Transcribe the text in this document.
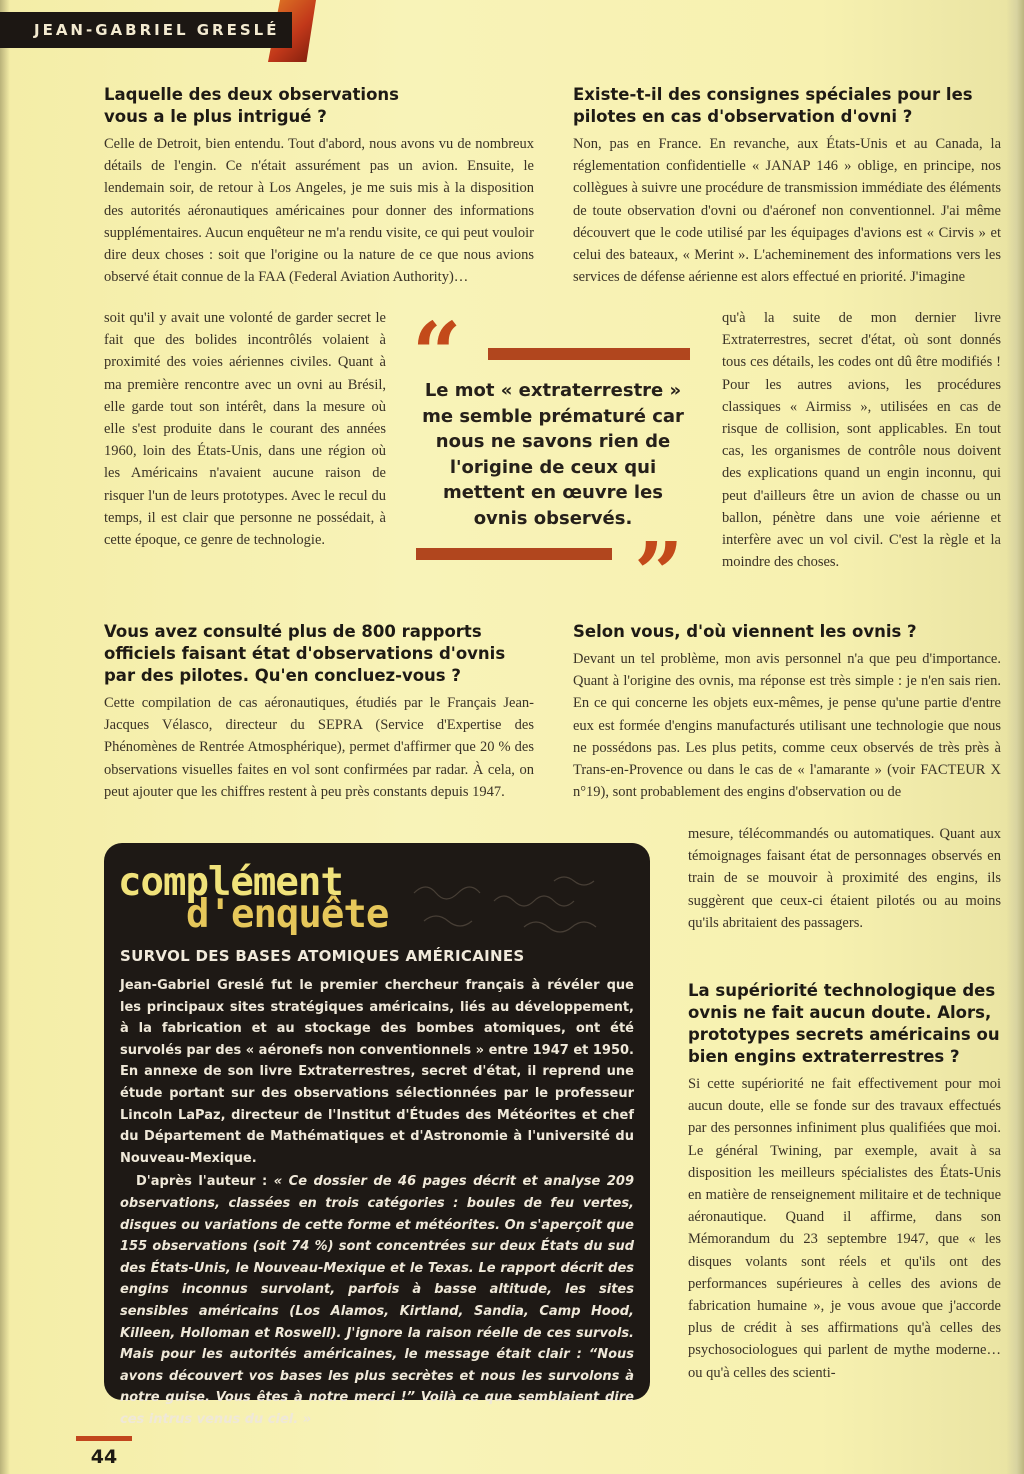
JEAN-GABRIEL GRESLÉ

Laquelle des deux observations vous a le plus intrigué ?

Celle de Detroit, bien entendu. Tout d'abord, nous avons vu de nombreux détails de l'engin. Ce n'était assurément pas un avion. Ensuite, le lendemain soir, de retour à Los Angeles, je me suis mis à la disposition des autorités aéronautiques américaines pour donner des informations supplémentaires. Aucun enquêteur ne m'a rendu visite, ce qui peut vouloir dire deux choses : soit que l'origine ou la nature de ce que nous avions observé était connue de la FAA (Federal Aviation Authority)…

soit qu'il y avait une volonté de garder secret le fait que des bolides incontrôlés volaient à proximité des voies aériennes civiles. Quant à ma première rencontre avec un ovni au Brésil, elle garde tout son intérêt, dans la mesure où elle s'est produite dans le courant des années 1960, loin des États-Unis, dans une région où les Américains n'avaient aucune raison de risquer l'un de leurs prototypes. Avec le recul du temps, il est clair que personne ne possédait, à cette époque, ce genre de technologie.

“
Le mot « extraterrestre » me semble prématuré car nous ne savons rien de l'origine de ceux qui mettent en œuvre les ovnis observés.
”

Existe-t-il des consignes spéciales pour les pilotes en cas d'observation d'ovni ?

Non, pas en France. En revanche, aux États-Unis et au Canada, la réglementation confidentielle « JANAP 146 » oblige, en principe, nos collègues à suivre une procédure de transmission immédiate des éléments de toute observation d'ovni ou d'aéronef non conventionnel. J'ai même découvert que le code utilisé par les équipages d'avions est « Cirvis » et celui des bateaux, « Merint ». L'acheminement des informations vers les services de défense aérienne est alors effectué en priorité. J'imagine

qu'à la suite de mon dernier livre Extraterrestres, secret d'état, où sont donnés tous ces détails, les codes ont dû être modifiés ! Pour les autres avions, les procédures classiques « Airmiss », utilisées en cas de risque de collision, sont applicables. En tout cas, les organismes de contrôle nous doivent des explications quand un engin inconnu, qui peut d'ailleurs être un avion de chasse ou un ballon, pénètre dans une voie aérienne et interfère avec un vol civil. C'est la règle et la moindre des choses.

Vous avez consulté plus de 800 rapports officiels faisant état d'observations d'ovnis par des pilotes. Qu'en concluez-vous ?

Cette compilation de cas aéronautiques, étudiés par le Français Jean-Jacques Vélasco, directeur du SEPRA (Service d'Expertise des Phénomènes de Rentrée Atmosphérique), permet d'affirmer que 20 % des observations visuelles faites en vol sont confirmées par radar. À cela, on peut ajouter que les chiffres restent à peu près constants depuis 1947.

Selon vous, d'où viennent les ovnis ?

Devant un tel problème, mon avis personnel n'a que peu d'importance. Quant à l'origine des ovnis, ma réponse est très simple : je n'en sais rien. En ce qui concerne les objets eux-mêmes, je pense qu'une partie d'entre eux est formée d'engins manufacturés utilisant une technologie que nous ne possédons pas. Les plus petits, comme ceux observés de très près à Trans-en-Provence ou dans le cas de « l'amarante » (voir FACTEUR X n°19), sont probablement des engins d'observation ou de

mesure, télécommandés ou automatiques. Quant aux témoignages faisant état de personnages observés en train de se mouvoir à proximité des engins, ils suggèrent que ceux-ci étaient pilotés ou au moins qu'ils abritaient des passagers.

La supériorité technologique des ovnis ne fait aucun doute. Alors, prototypes secrets américains ou bien engins extraterrestres ?

Si cette supériorité ne fait effectivement pour moi aucun doute, elle se fonde sur des travaux effectués par des personnes infiniment plus qualifiées que moi. Le général Twining, par exemple, avait à sa disposition les meilleurs spécialistes des États-Unis en matière de renseignement militaire et de technique aéronautique. Quand il affirme, dans son Mémorandum du 23 septembre 1947, que « les disques volants sont réels et qu'ils ont des performances supérieures à celles des avions de fabrication humaine », je vous avoue que j'accorde plus de crédit à ses affirmations qu'à celles des psychosociologues qui parlent de mythe moderne… ou qu'à celles des scienti-

complément
d'enquête
SURVOL DES BASES ATOMIQUES AMÉRICAINES

Jean-Gabriel Greslé fut le premier chercheur français à révéler que les principaux sites stratégiques américains, liés au développement, à la fabrication et au stockage des bombes atomiques, ont été survolés par des « aéronefs non conventionnels » entre 1947 et 1950. En annexe de son livre Extraterrestres, secret d'état, il reprend une étude portant sur des observations sélectionnées par le professeur Lincoln LaPaz, directeur de l'Institut d'Études des Météorites et chef du Département de Mathématiques et d'Astronomie à l'université du Nouveau-Mexique.

D'après l'auteur : « Ce dossier de 46 pages décrit et analyse 209 observations, classées en trois catégories : boules de feu vertes, disques ou variations de cette forme et météorites. On s'aperçoit que 155 observations (soit 74 %) sont concentrées sur deux États du sud des États-Unis, le Nouveau-Mexique et le Texas. Le rapport décrit des engins inconnus survolant, parfois à basse altitude, les sites sensibles américains (Los Alamos, Kirtland, Sandia, Camp Hood, Killeen, Holloman et Roswell). J'ignore la raison réelle de ces survols. Mais pour les autorités américaines, le message était clair : “Nous avons découvert vos bases les plus secrètes et nous les survolons à notre guise. Vous êtes à notre merci !” Voilà ce que semblaient dire ces intrus venus du ciel. »

44
